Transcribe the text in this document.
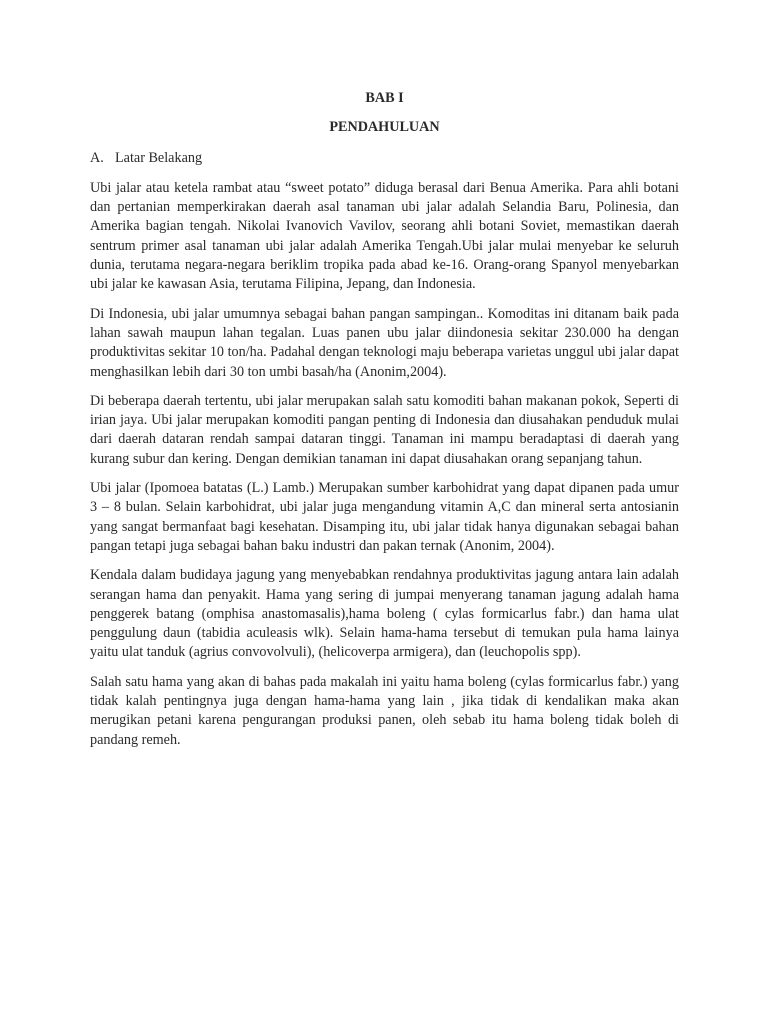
BAB I
PENDAHULUAN
A. Latar Belakang

Ubi jalar atau ketela rambat atau “sweet potato” diduga berasal dari Benua Amerika. Para ahli botani dan pertanian memperkirakan daerah asal tanaman ubi jalar adalah Selandia Baru, Polinesia, dan Amerika bagian tengah. Nikolai Ivanovich Vavilov, seorang ahli botani Soviet, memastikan daerah sentrum primer asal tanaman ubi jalar adalah Amerika Tengah.Ubi jalar mulai menyebar ke seluruh dunia, terutama negara-negara beriklim tropika pada abad ke-16. Orang-orang Spanyol menyebarkan ubi jalar ke kawasan Asia, terutama Filipina, Jepang, dan Indonesia.

Di Indonesia, ubi jalar umumnya sebagai bahan pangan sampingan.. Komoditas ini ditanam baik pada lahan sawah maupun lahan tegalan. Luas panen ubu jalar diindonesia sekitar 230.000 ha dengan produktivitas sekitar 10 ton/ha. Padahal dengan teknologi maju beberapa varietas unggul ubi jalar dapat menghasilkan lebih dari 30 ton umbi basah/ha (Anonim,2004).

Di beberapa daerah tertentu, ubi jalar merupakan salah satu komoditi bahan makanan pokok, Seperti di irian jaya. Ubi jalar merupakan komoditi pangan penting di Indonesia dan diusahakan penduduk mulai dari daerah dataran rendah sampai dataran tinggi. Tanaman ini mampu beradaptasi di daerah yang kurang subur dan kering. Dengan demikian tanaman ini dapat diusahakan orang sepanjang tahun.

Ubi jalar (Ipomoea batatas (L.) Lamb.) Merupakan sumber karbohidrat yang dapat dipanen pada umur 3 – 8 bulan. Selain karbohidrat, ubi jalar juga mengandung vitamin A,C dan mineral serta antosianin yang sangat bermanfaat bagi kesehatan. Disamping itu, ubi jalar tidak hanya digunakan sebagai bahan pangan tetapi juga sebagai bahan baku industri dan pakan ternak (Anonim, 2004).

Kendala dalam budidaya jagung yang menyebabkan rendahnya produktivitas jagung antara lain adalah serangan hama dan penyakit. Hama yang sering di jumpai menyerang tanaman jagung adalah hama penggerek batang (omphisa anastomasalis),hama boleng ( cylas formicarlus fabr.) dan hama ulat penggulung daun (tabidia aculeasis wlk). Selain hama-hama tersebut di temukan pula hama lainya yaitu ulat tanduk (agrius convovolvuli), (helicoverpa armigera), dan (leuchopolis spp).

Salah satu hama yang akan di bahas pada makalah ini yaitu hama boleng (cylas formicarlus fabr.) yang tidak kalah pentingnya juga dengan hama-hama yang lain , jika tidak di kendalikan maka akan merugikan petani karena pengurangan produksi panen, oleh sebab itu hama boleng tidak boleh di pandang remeh.
